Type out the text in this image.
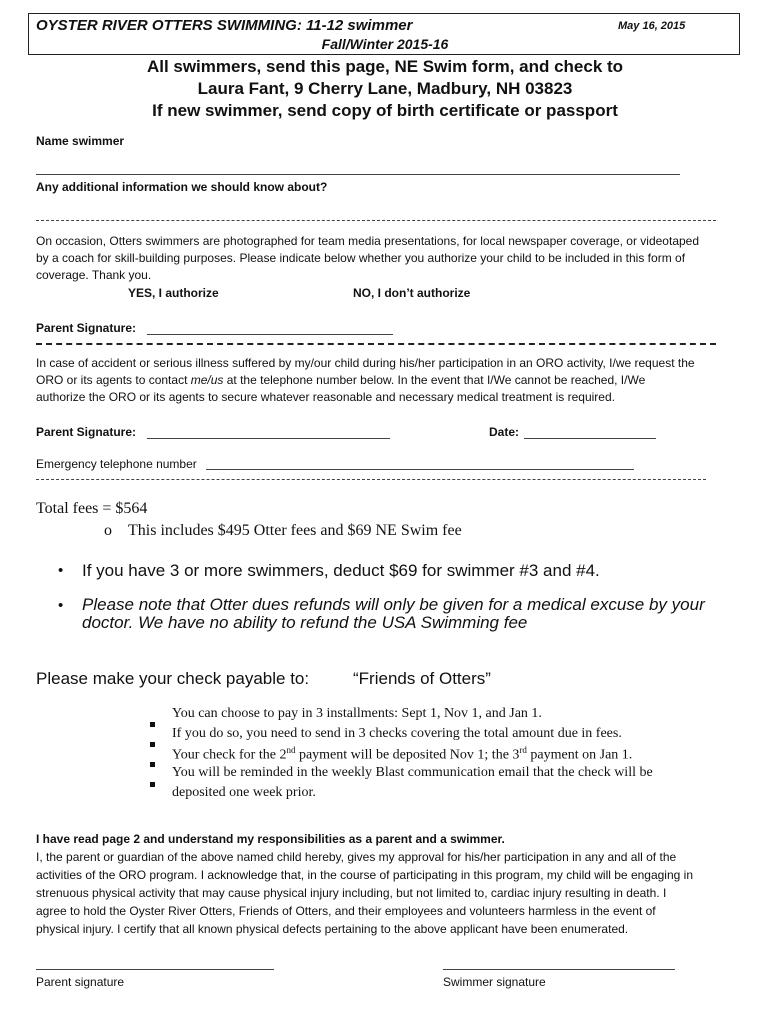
OYSTER RIVER OTTERS SWIMMING: 11-12 swimmer	May 16, 2015
Fall/Winter 2015-16
All swimmers, send this page, NE Swim form, and check to
Laura Fant, 9 Cherry Lane, Madbury, NH 03823
If new swimmer, send copy of birth certificate or passport
Name swimmer
Any additional information we should know about?
On occasion, Otters swimmers are photographed for team media presentations, for local newspaper coverage, or videotaped
by a coach for skill-building purposes. Please indicate below whether you authorize your child to be included in this form of
coverage. Thank you.
YES, I authorize	NO, I don’t authorize
Parent Signature:
In case of accident or serious illness suffered by my/our child during his/her participation in an ORO activity, I/we request the
ORO or its agents to contact me/us at the telephone number below. In the event that I/We cannot be reached, I/We
authorize the ORO or its agents to secure whatever reasonable and necessary medical treatment is required.
Parent Signature:	Date:
Emergency telephone number
Total fees = $564
o This includes $495 Otter fees and $69 NE Swim fee
• If you have 3 or more swimmers, deduct $69 for swimmer #3 and #4.
• Please note that Otter dues refunds will only be given for a medical excuse by your
doctor. We have no ability to refund the USA Swimming fee
Please make your check payable to:	“Friends of Otters”
You can choose to pay in 3 installments: Sept 1, Nov 1, and Jan 1.
If you do so, you need to send in 3 checks covering the total amount due in fees.
Your check for the 2nd payment will be deposited Nov 1; the 3rd payment on Jan 1.
You will be reminded in the weekly Blast communication email that the check will be
deposited one week prior.
I have read page 2 and understand my responsibilities as a parent and a swimmer.
I, the parent or guardian of the above named child hereby, gives my approval for his/her participation in any and all of the
activities of the ORO program. I acknowledge that, in the course of participating in this program, my child will be engaging in
strenuous physical activity that may cause physical injury including, but not limited to, cardiac injury resulting in death. I
agree to hold the Oyster River Otters, Friends of Otters, and their employees and volunteers harmless in the event of
physical injury. I certify that all known physical defects pertaining to the above applicant have been enumerated.
Parent signature	Swimmer signature
